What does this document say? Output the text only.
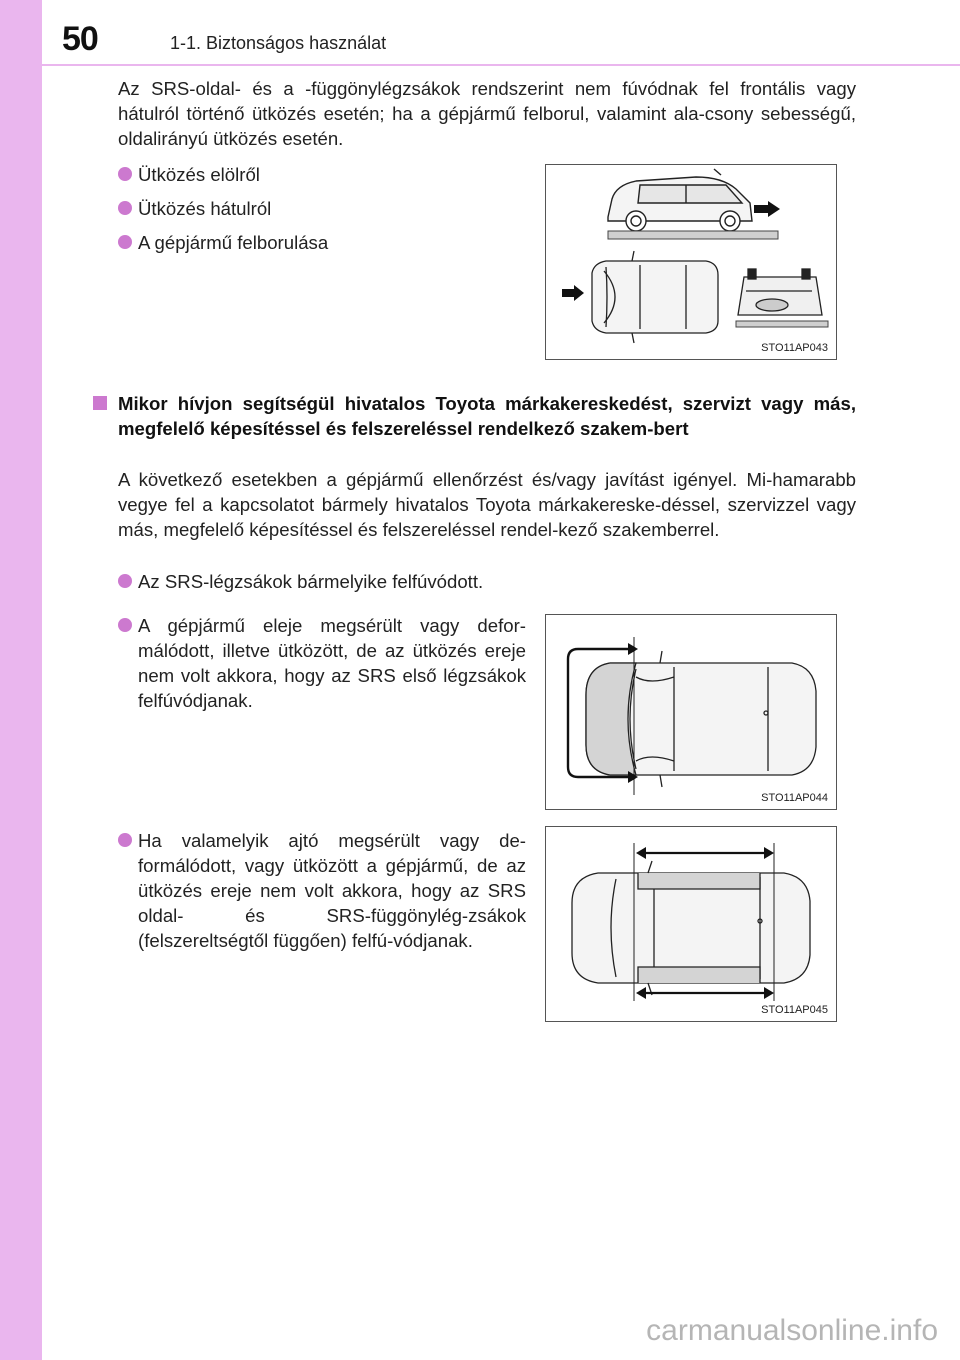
50	1-1. Biztonságos használat
Az SRS-oldal- és a -függönylégzsákok rendszerint nem fúvódnak fel frontális vagy hátulról történő ütközés esetén; ha a gépjármű felborul, valamint ala-csony sebességű, oldalirányú ütközés esetén.
Ütközés elölről
Ütközés hátulról
A gépjármű felborulása
STO11AP043
Mikor hívjon segítségül hivatalos Toyota márkakereskedést, szervizt vagy más, megfelelő képesítéssel és felszereléssel rendelkező szakem-bert
A következő esetekben a gépjármű ellenőrzést és/vagy javítást igényel. Mi-hamarabb vegye fel a kapcsolatot bármely hivatalos Toyota márkakereske-déssel, szervizzel vagy más, megfelelő képesítéssel és felszereléssel rendel-kező szakemberrel.
Az SRS-légzsákok bármelyike felfúvódott.
A gépjármű eleje megsérült vagy defor-málódott, illetve ütközött, de az ütközés ereje nem volt akkora, hogy az SRS első légzsákok felfúvódjanak.
Ha valamelyik ajtó megsérült vagy de-formálódott, vagy ütközött a gépjármű, de az ütközés ereje nem volt akkora, hogy az SRS oldal- és SRS-függönylég-zsákok (felszereltségtől függően) felfú-vódjanak.
STO11AP044
STO11AP045
carmanualsonline.info
